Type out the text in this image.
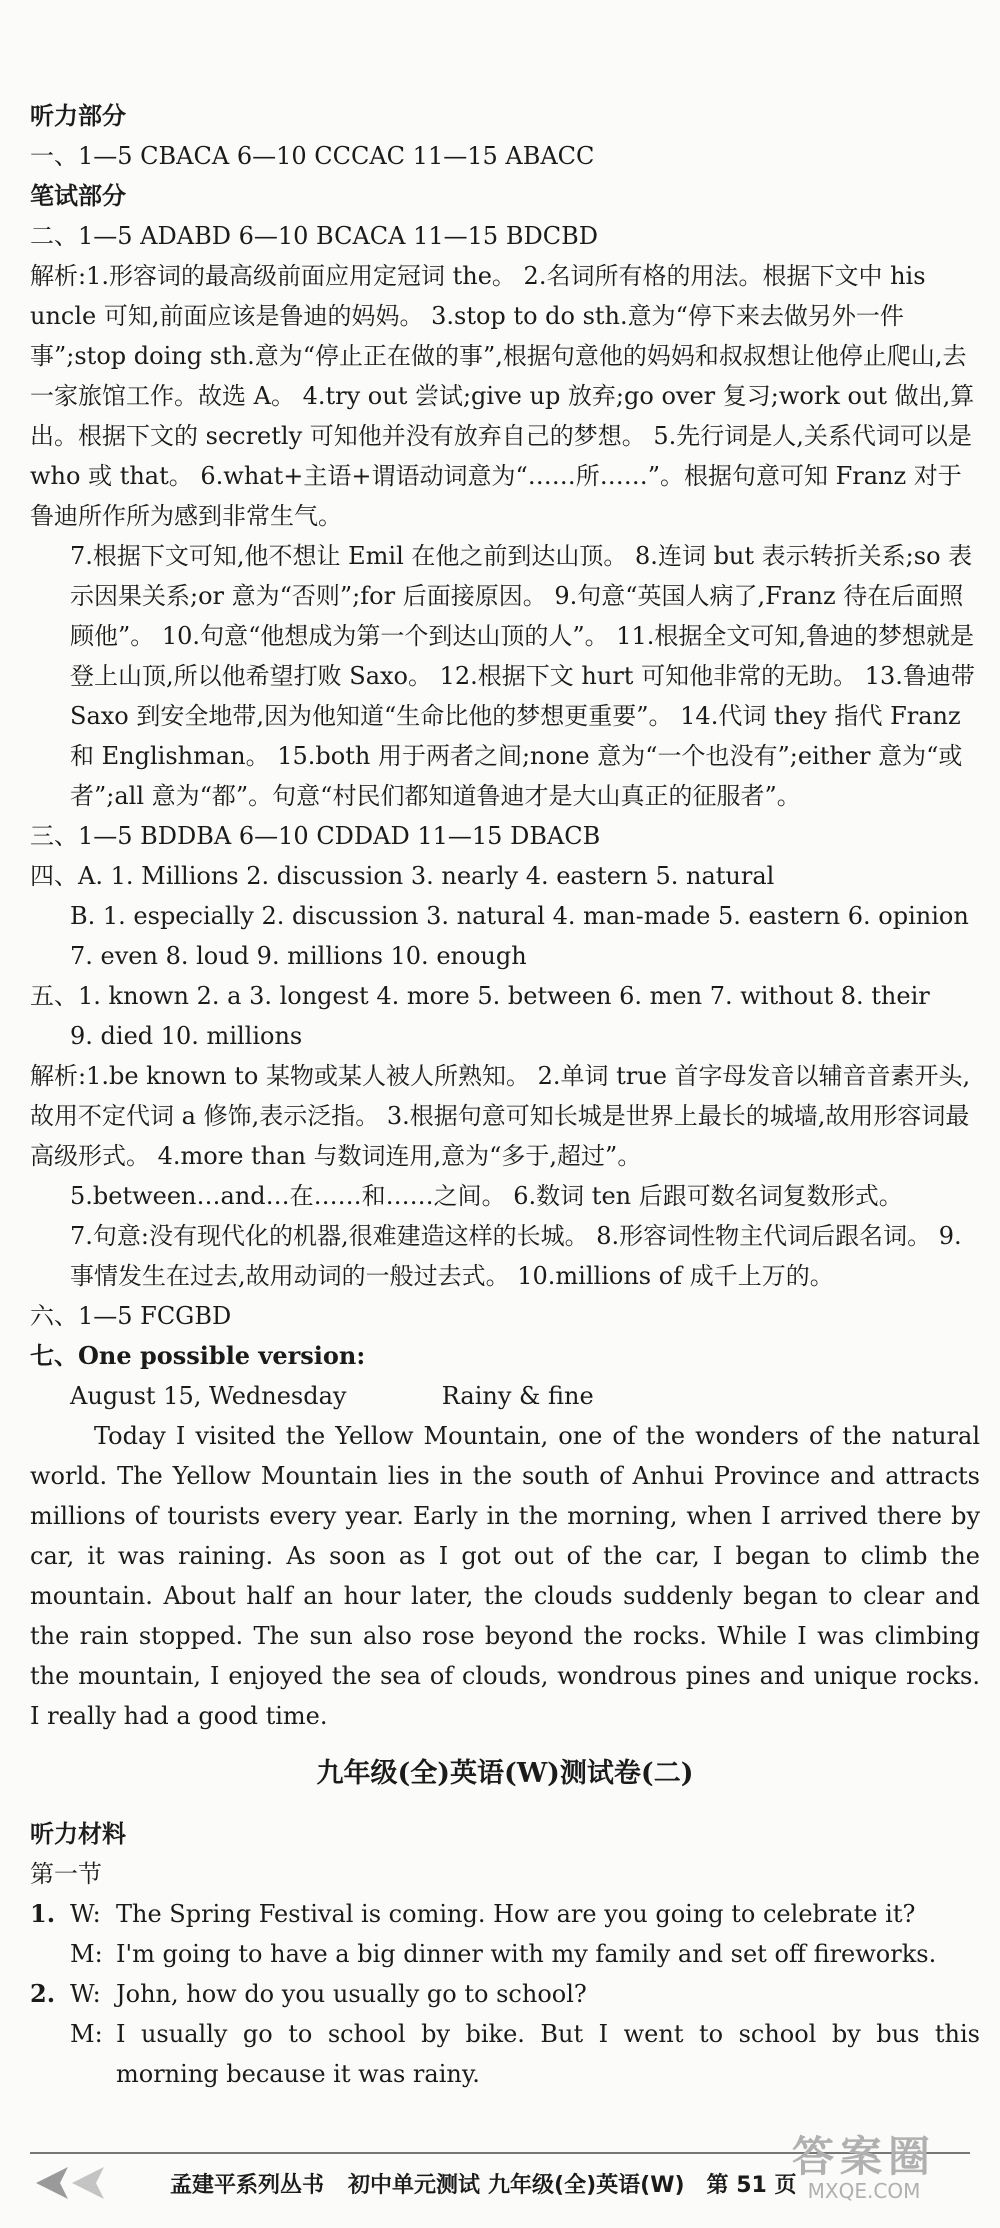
听力部分
一、1—5 CBACA 6—10 CCCAC 11—15 ABACC
笔试部分
二、1—5 ADABD 6—10 BCACA 11—15 BDCBD
解析:1.形容词的最高级前面应用定冠词 the。 2.名词所有格的用法。根据下文中 his uncle 可知,前面应该是鲁迪的妈妈。 3.stop to do sth.意为“停下来去做另外一件事”;stop doing sth.意为“停止正在做的事”,根据句意他的妈妈和叔叔想让他停止爬山,去一家旅馆工作。故选 A。 4.try out 尝试;give up 放弃;go over 复习;work out 做出,算出。根据下文的 secretly 可知他并没有放弃自己的梦想。 5.先行词是人,关系代词可以是 who 或 that。 6.what+主语+谓语动词意为“……所……”。根据句意可知 Franz 对于鲁迪所作所为感到非常生气。
7.根据下文可知,他不想让 Emil 在他之前到达山顶。 8.连词 but 表示转折关系;so 表示因果关系;or 意为“否则”;for 后面接原因。 9.句意“英国人病了,Franz 待在后面照顾他”。 10.句意“他想成为第一个到达山顶的人”。 11.根据全文可知,鲁迪的梦想就是登上山顶,所以他希望打败 Saxo。 12.根据下文 hurt 可知他非常的无助。 13.鲁迪带 Saxo 到安全地带,因为他知道“生命比他的梦想更重要”。 14.代词 they 指代 Franz 和 Englishman。 15.both 用于两者之间;none 意为“一个也没有”;either 意为“或者”;all 意为“都”。句意“村民们都知道鲁迪才是大山真正的征服者”。
三、1—5 BDDBA 6—10 CDDAD 11—15 DBACB
四、A. 1. Millions 2. discussion 3. nearly 4. eastern 5. natural
B. 1. especially 2. discussion 3. natural 4. man-made 5. eastern 6. opinion
7. even 8. loud 9. millions 10. enough
五、1. known 2. a 3. longest 4. more 5. between 6. men 7. without 8. their
9. died 10. millions
解析:1.be known to 某物或某人被人所熟知。 2.单词 true 首字母发音以辅音音素开头,故用不定代词 a 修饰,表示泛指。 3.根据句意可知长城是世界上最长的城墙,故用形容词最高级形式。 4.more than 与数词连用,意为“多于,超过”。
5.between…and…在……和……之间。 6.数词 ten 后跟可数名词复数形式。
7.句意:没有现代化的机器,很难建造这样的长城。 8.形容词性物主代词后跟名词。 9.事情发生在过去,故用动词的一般过去式。 10.millions of 成千上万的。
六、1—5 FCGBD
七、One possible version:
August 15, Wednesday	Rainy & fine

Today I visited the Yellow Mountain, one of the wonders of the natural world. The Yellow Mountain lies in the south of Anhui Province and attracts millions of tourists every year. Early in the morning, when I arrived there by car, it was raining. As soon as I got out of the car, I began to climb the mountain. About half an hour later, the clouds suddenly began to clear and the rain stopped. The sun also rose beyond the rocks. While I was climbing the mountain, I enjoyed the sea of clouds, wondrous pines and unique rocks. I really had a good time.

九年级(全)英语(W)测试卷(二)
听力材料
第一节
1. W: The Spring Festival is coming. How are you going to celebrate it?
M: I'm going to have a big dinner with my family and set off fireworks.
2. W: John, how do you usually go to school?
M: I usually go to school by bike. But I went to school by bus this morning because it was rainy.
孟建平系列丛书 初中单元测试 九年级(全)英语(W) 第 51 页
答案圈
MXQE.COM
